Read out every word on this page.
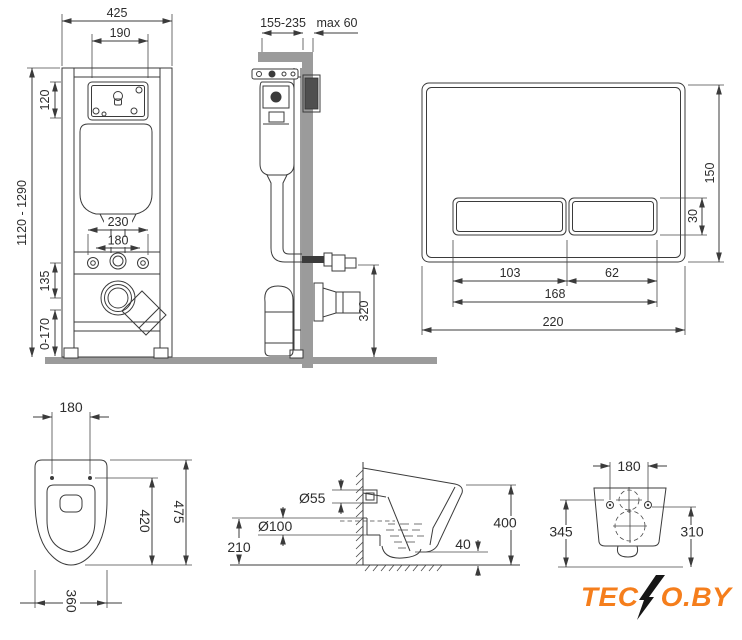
425
190
120
1120 - 1290	230
180
135
0-170
155-235 max 60
320
150
30
103	62
168
220
180
475
420
360
Ø55
Ø100
210
400
40
180
345	310
TEC O.BY
